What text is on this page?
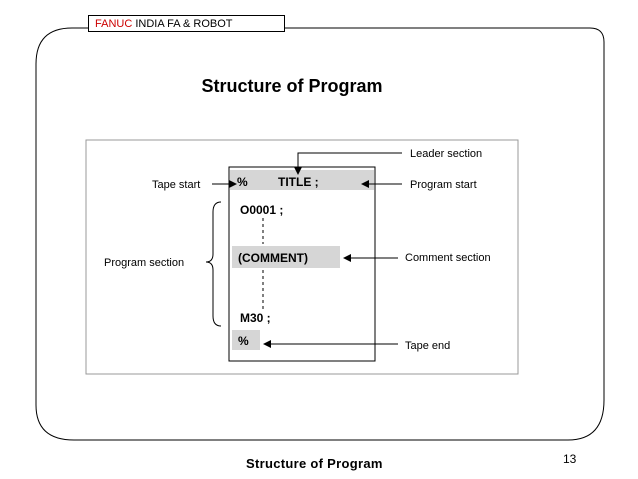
FANUC INDIA FA & ROBOT
Structure of Program
%	TITLE ;
O0001 ;
(COMMENT)
M30 ;
%
Leader section
Tape start	Program start
Program section	Comment section
Tape end
Structure of Program	13
